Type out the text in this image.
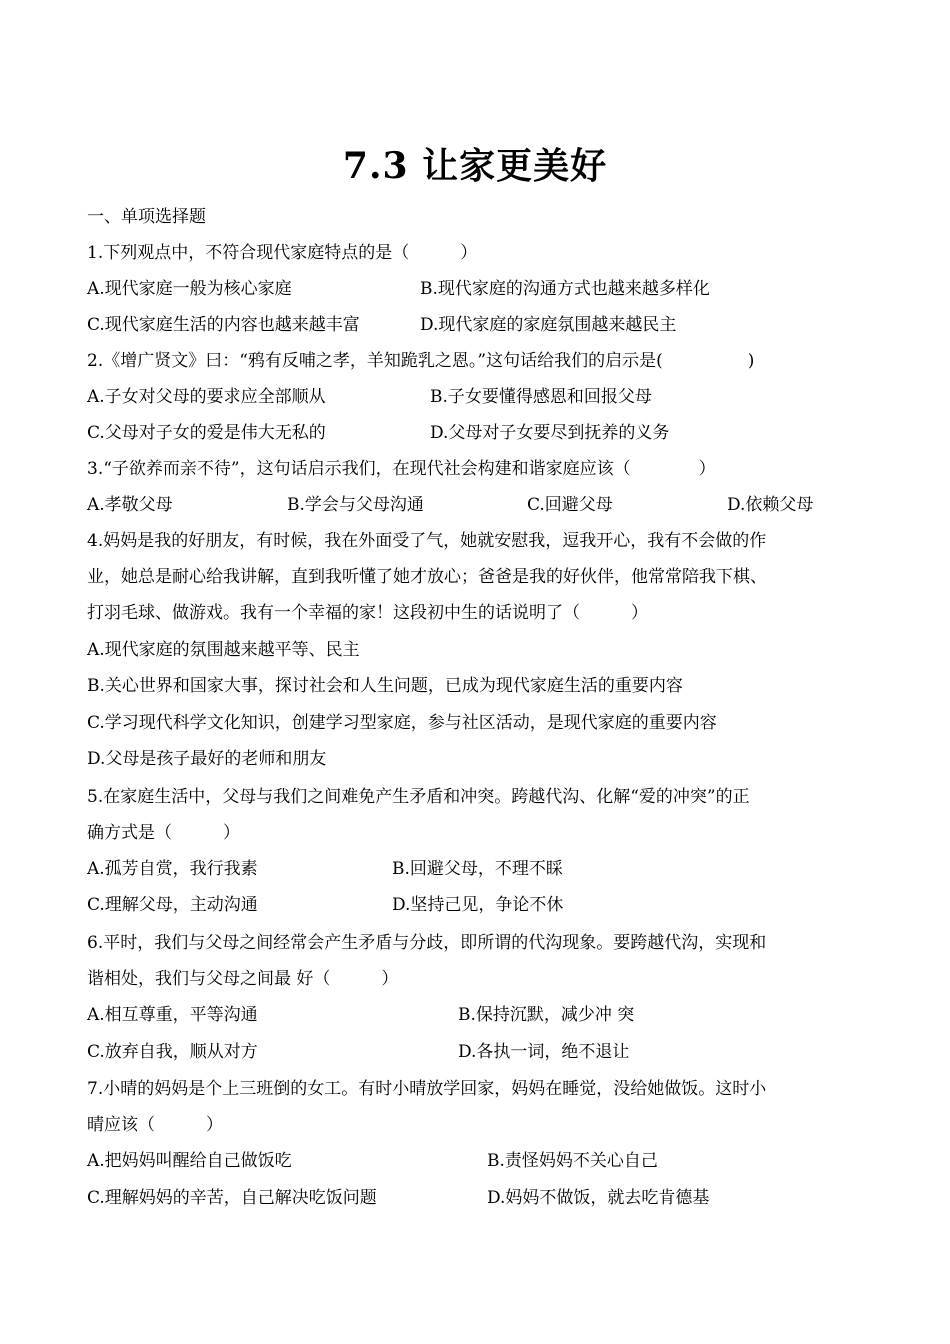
7.3 让家更美好
一、单项选择题
1.下列观点中，不符合现代家庭特点的是（　　　）
A.现代家庭一般为核心家庭	B.现代家庭的沟通方式也越来越多样化
C.现代家庭生活的内容也越来越丰富	D.现代家庭的家庭氛围越来越民主
2.《增广贤文》曰：“鸦有反哺之孝，羊知跪乳之恩。”这句话给我们的启示是(　　　　　)
A.子女对父母的要求应全部顺从	B.子女要懂得感恩和回报父母
C.父母对子女的爱是伟大无私的	D.父母对子女要尽到抚养的义务
3.“子欲养而亲不待”，这句话启示我们，在现代社会构建和谐家庭应该（　　　　）
A.孝敬父母	B.学会与父母沟通	C.回避父母	D.依赖父母
4.妈妈是我的好朋友，有时候，我在外面受了气，她就安慰我，逗我开心，我有不会做的作
业，她总是耐心给我讲解，直到我听懂了她才放心；爸爸是我的好伙伴，他常常陪我下棋、
打羽毛球、做游戏。我有一个幸福的家！这段初中生的话说明了（　　　）
A.现代家庭的氛围越来越平等、民主
B.关心世界和国家大事，探讨社会和人生问题，已成为现代家庭生活的重要内容
C.学习现代科学文化知识，创建学习型家庭，参与社区活动，是现代家庭的重要内容
D.父母是孩子最好的老师和朋友
5.在家庭生活中，父母与我们之间难免产生矛盾和冲突。跨越代沟、化解“爱的冲突”的正
确方式是（　　　）
A.孤芳自赏，我行我素	B.回避父母，不理不睬
C.理解父母，主动沟通	D.坚持己见，争论不休
6.平时，我们与父母之间经常会产生矛盾与分歧，即所谓的代沟现象。要跨越代沟，实现和
谐相处，我们与父母之间最 好（　　　）
A.相互尊重，平等沟通	B.保持沉默，减少冲 突
C.放弃自我，顺从对方	D.各执一词，绝不退让
7.小晴的妈妈是个上三班倒的女工。有时小晴放学回家，妈妈在睡觉，没给她做饭。这时小
晴应该（　　　）
A.把妈妈叫醒给自己做饭吃	B.责怪妈妈不关心自己
C.理解妈妈的辛苦，自己解决吃饭问题	D.妈妈不做饭，就去吃肯德基
